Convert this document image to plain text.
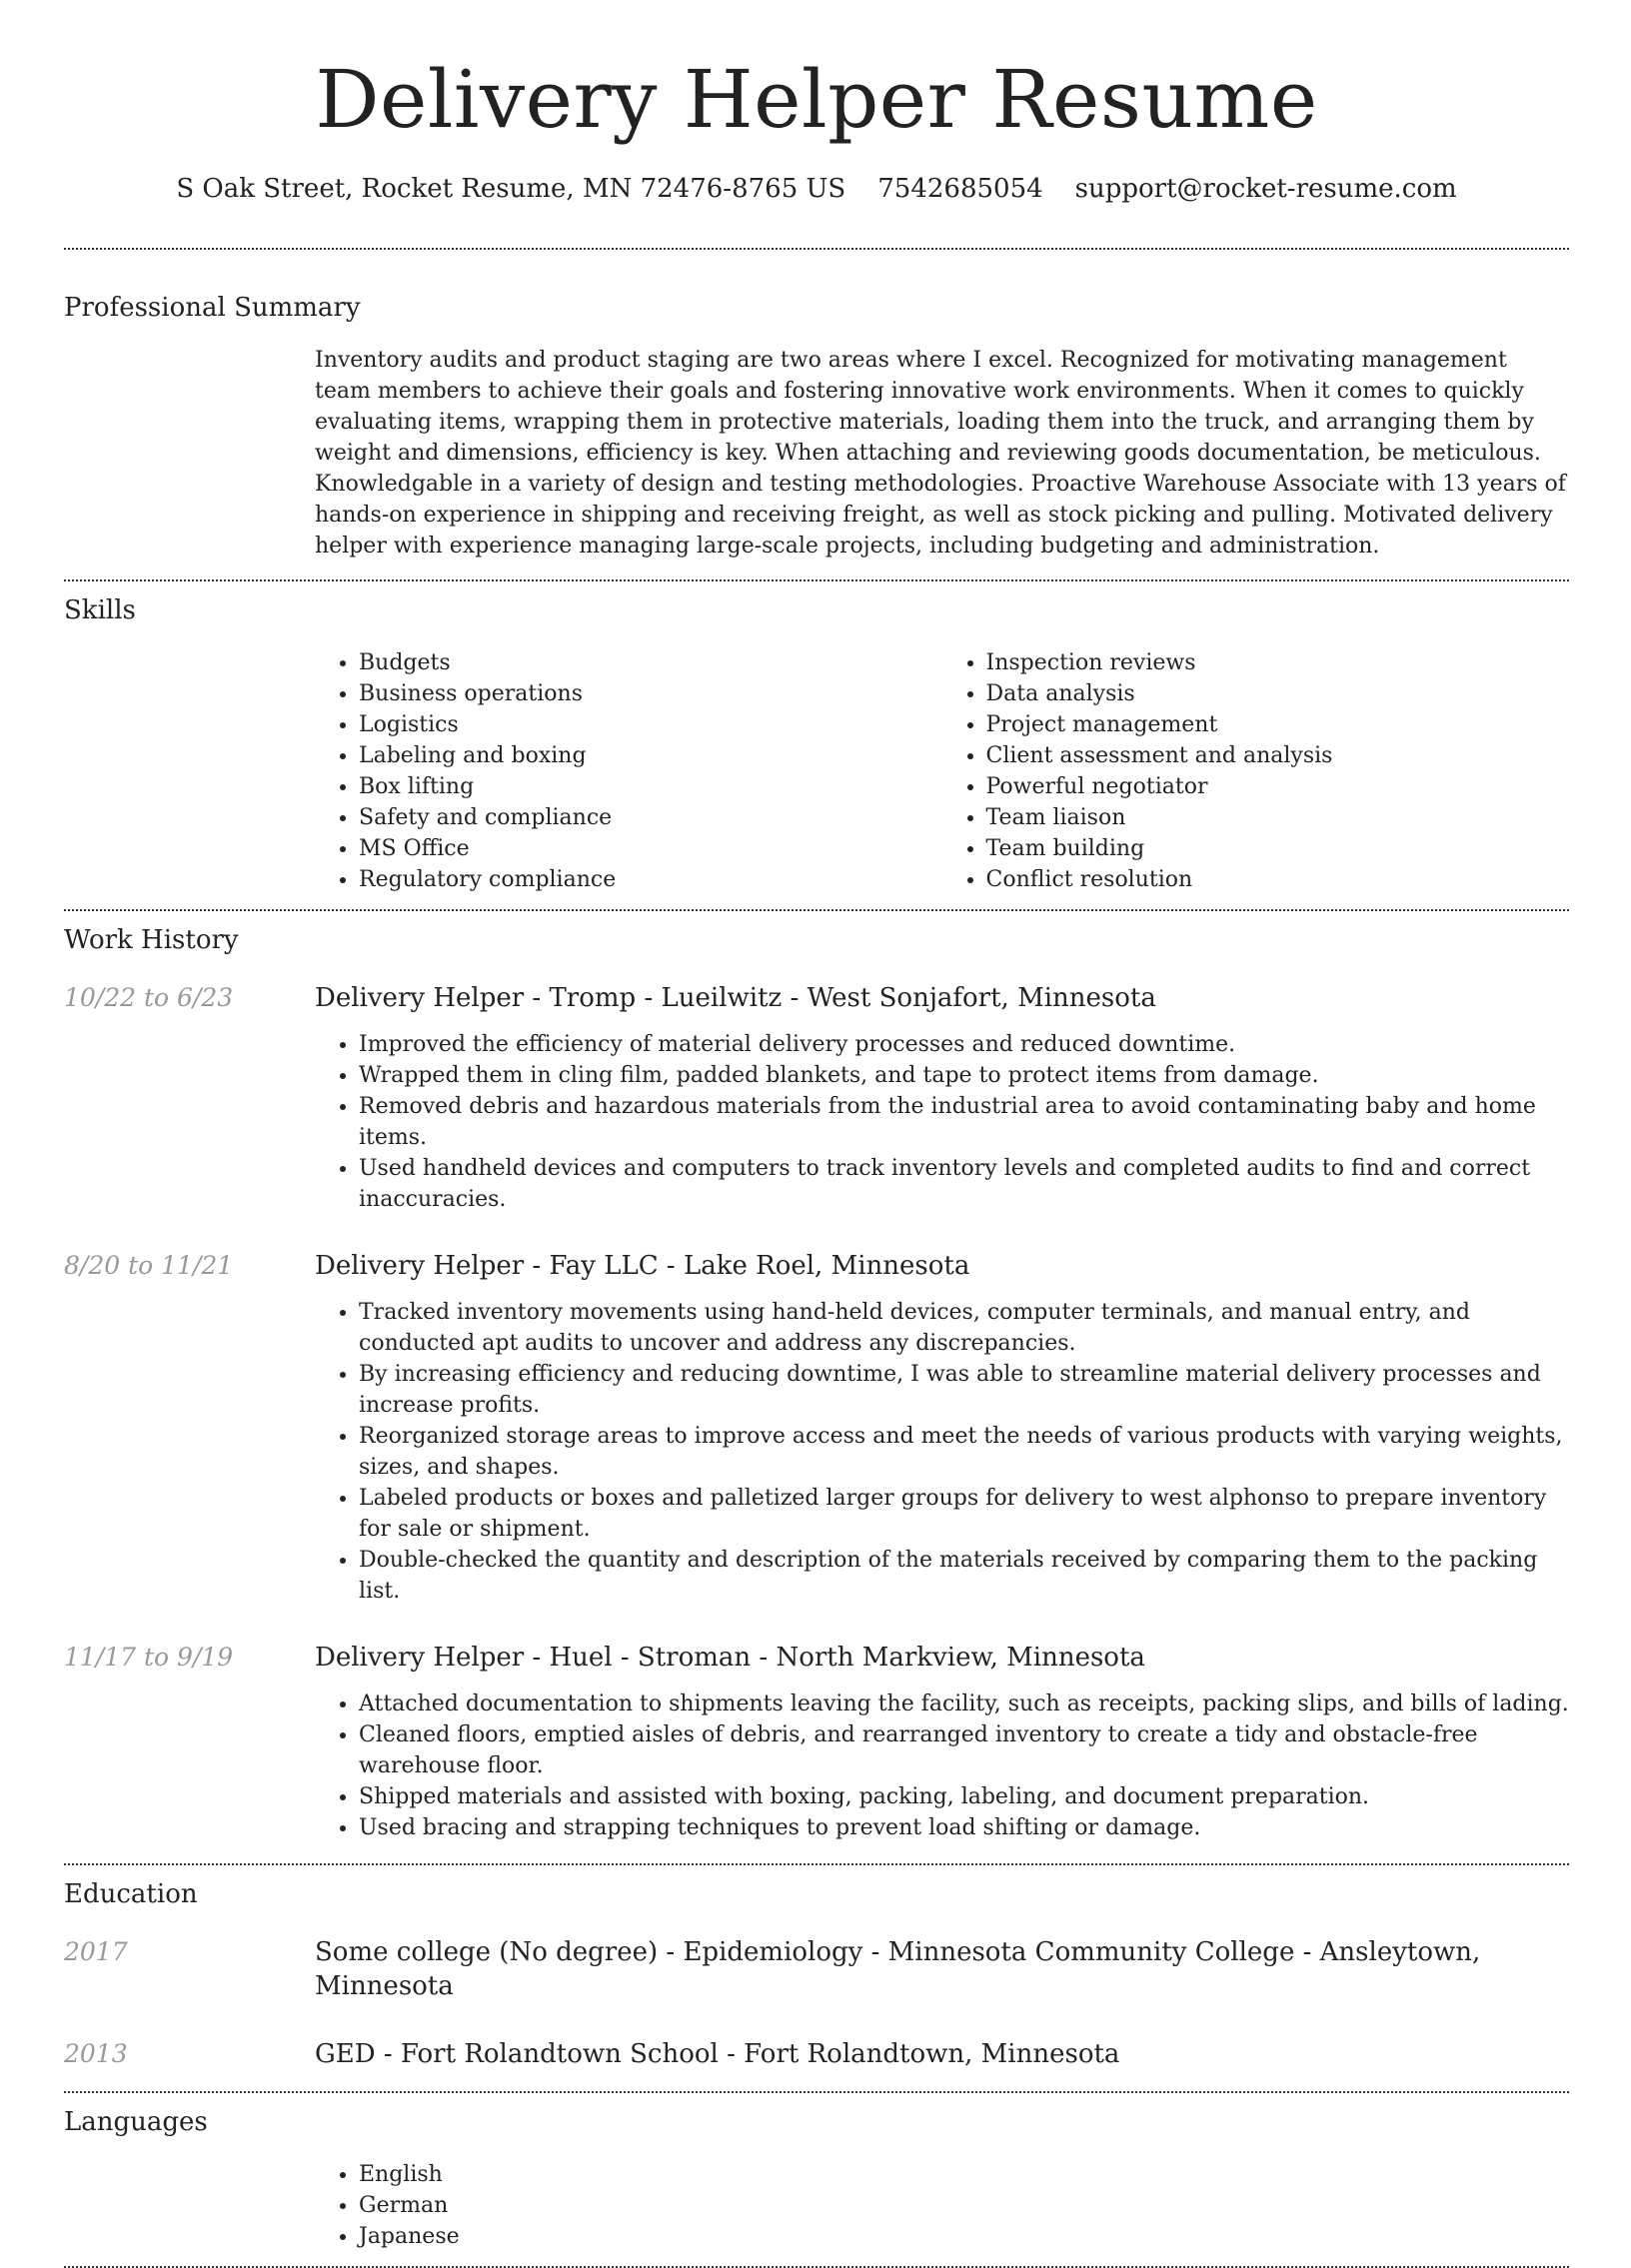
Delivery Helper Resume
S Oak Street, Rocket Resume, MN 72476-8765 US 7542685054 support@rocket-resume.com
Professional Summary

Inventory audits and product staging are two areas where I excel. Recognized for motivating management team members to achieve their goals and fostering innovative work environments. When it comes to quickly evaluating items, wrapping them in protective materials, loading them into the truck, and arranging them by weight and dimensions, efficiency is key. When attaching and reviewing goods documentation, be meticulous. Knowledgable in a variety of design and testing methodologies. Proactive Warehouse Associate with 13 years of hands-on experience in shipping and receiving freight, as well as stock picking and pulling. Motivated delivery helper with experience managing large-scale projects, including budgeting and administration.

Skills
• Budgets
• Business operations
• Logistics
• Labeling and boxing
• Box lifting
• Safety and compliance
• MS Office
• Regulatory compliance
• Inspection reviews
• Data analysis
• Project management
• Client assessment and analysis
• Powerful negotiator
• Team liaison
• Team building
• Conflict resolution
Work History
10/22 to 6/23	Delivery Helper - Tromp - Lueilwitz - West Sonjafort, Minnesota
• Improved the efficiency of material delivery processes and reduced downtime.
• Wrapped them in cling film, padded blankets, and tape to protect items from damage.
• Removed debris and hazardous materials from the industrial area to avoid contaminating baby and home items.
• Used handheld devices and computers to track inventory levels and completed audits to find and correct inaccuracies.
8/20 to 11/21	Delivery Helper - Fay LLC - Lake Roel, Minnesota
• Tracked inventory movements using hand-held devices, computer terminals, and manual entry, and conducted apt audits to uncover and address any discrepancies.
• By increasing efficiency and reducing downtime, I was able to streamline material delivery processes and increase profits.
• Reorganized storage areas to improve access and meet the needs of various products with varying weights, sizes, and shapes.
• Labeled products or boxes and palletized larger groups for delivery to west alphonso to prepare inventory for sale or shipment.
• Double-checked the quantity and description of the materials received by comparing them to the packing list.
11/17 to 9/19	Delivery Helper - Huel - Stroman - North Markview, Minnesota
• Attached documentation to shipments leaving the facility, such as receipts, packing slips, and bills of lading.
• Cleaned floors, emptied aisles of debris, and rearranged inventory to create a tidy and obstacle-free warehouse floor.
• Shipped materials and assisted with boxing, packing, labeling, and document preparation.
• Used bracing and strapping techniques to prevent load shifting or damage.
Education
2017	Some college (No degree) - Epidemiology - Minnesota Community College - Ansleytown, Minnesota
2013	GED - Fort Rolandtown School - Fort Rolandtown, Minnesota
Languages
• English
• German
• Japanese
